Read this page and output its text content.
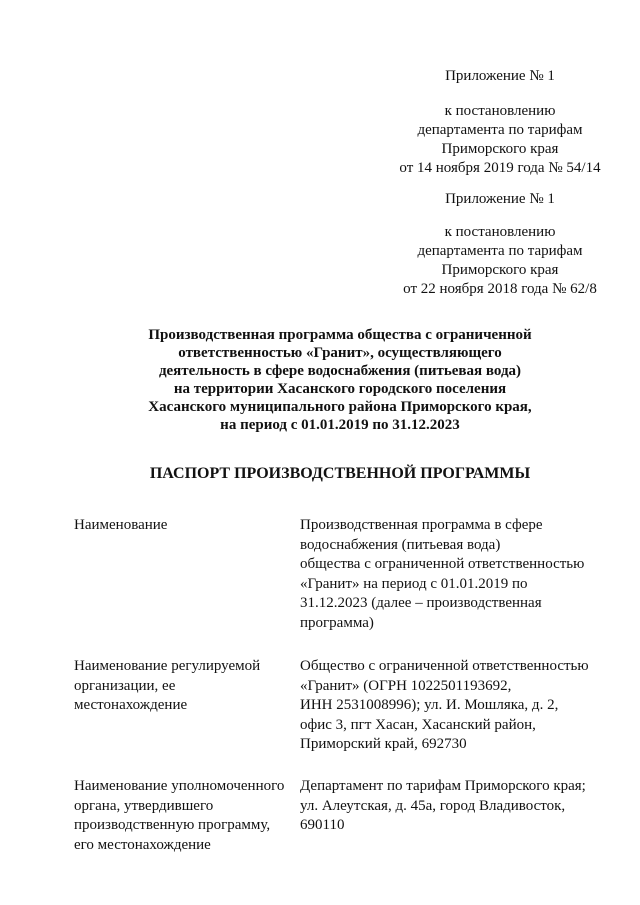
Приложение № 1
к постановлению
департамента по тарифам
Приморского края
от 14 ноября 2019 года № 54/14
Приложение № 1
к постановлению
департамента по тарифам
Приморского края
от 22 ноября 2018 года № 62/8
Производственная программа общества с ограниченной
ответственностью «Гранит», осуществляющего
деятельность в сфере водоснабжения (питьевая вода)
на территории Хасанского городского поселения
Хасанского муниципального района Приморского края,
на период с 01.01.2019 по 31.12.2023
ПАСПОРТ ПРОИЗВОДСТВЕННОЙ ПРОГРАММЫ
Наименование	Производственная программа в сфере
водоснабжения (питьевая вода)
общества с ограниченной ответственностью
«Гранит» на период с 01.01.2019 по
31.12.2023 (далее – производственная
программа)
Наименование регулируемой
организации, ее
местонахождение
Общество с ограниченной ответственностью
«Гранит» (ОГРН 1022501193692,
ИНН 2531008996); ул. И. Мошляка, д. 2,
офис 3, пгт Хасан, Хасанский район,
Приморский край, 692730
Наименование уполномоченного
органа, утвердившего
производственную программу,
его местонахождение
Департамент по тарифам Приморского края;
ул. Алеутская, д. 45а, город Владивосток,
690110
